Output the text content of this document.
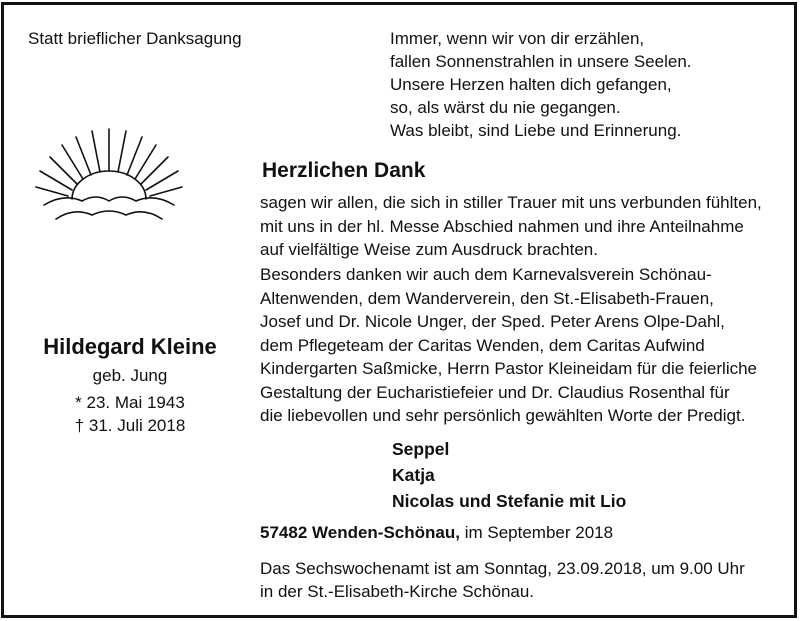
Statt brieflicher Danksagung	Immer, wenn wir von dir erzählen,
fallen Sonnenstrahlen in unsere Seelen.
Unsere Herzen halten dich gefangen,
so, als wärst du nie gegangen.
Was bleibt, sind Liebe und Erinnerung.
Hildegard Kleine
geb. Jung
* 23. Mai 1943
† 31. Juli 2018
Herzlichen Dank
sagen wir allen, die sich in stiller Trauer mit uns verbunden fühlten,
mit uns in der hl. Messe Abschied nahmen und ihre Anteilnahme
auf vielfältige Weise zum Ausdruck brachten.
Besonders danken wir auch dem Karnevalsverein Schönau-
Altenwenden, dem Wanderverein, den St.-Elisabeth-Frauen,
Josef und Dr. Nicole Unger, der Sped. Peter Arens Olpe-Dahl,
dem Pflegeteam der Caritas Wenden, dem Caritas Aufwind
Kindergarten Saßmicke, Herrn Pastor Kleineidam für die feierliche
Gestaltung der Eucharistiefeier und Dr. Claudius Rosenthal für
die liebevollen und sehr persönlich gewählten Worte der Predigt.
Seppel
Katja
Nicolas und Stefanie mit Lio
57482 Wenden-Schönau, im September 2018
Das Sechswochenamt ist am Sonntag, 23.09.2018, um 9.00 Uhr
in der St.-Elisabeth-Kirche Schönau.
